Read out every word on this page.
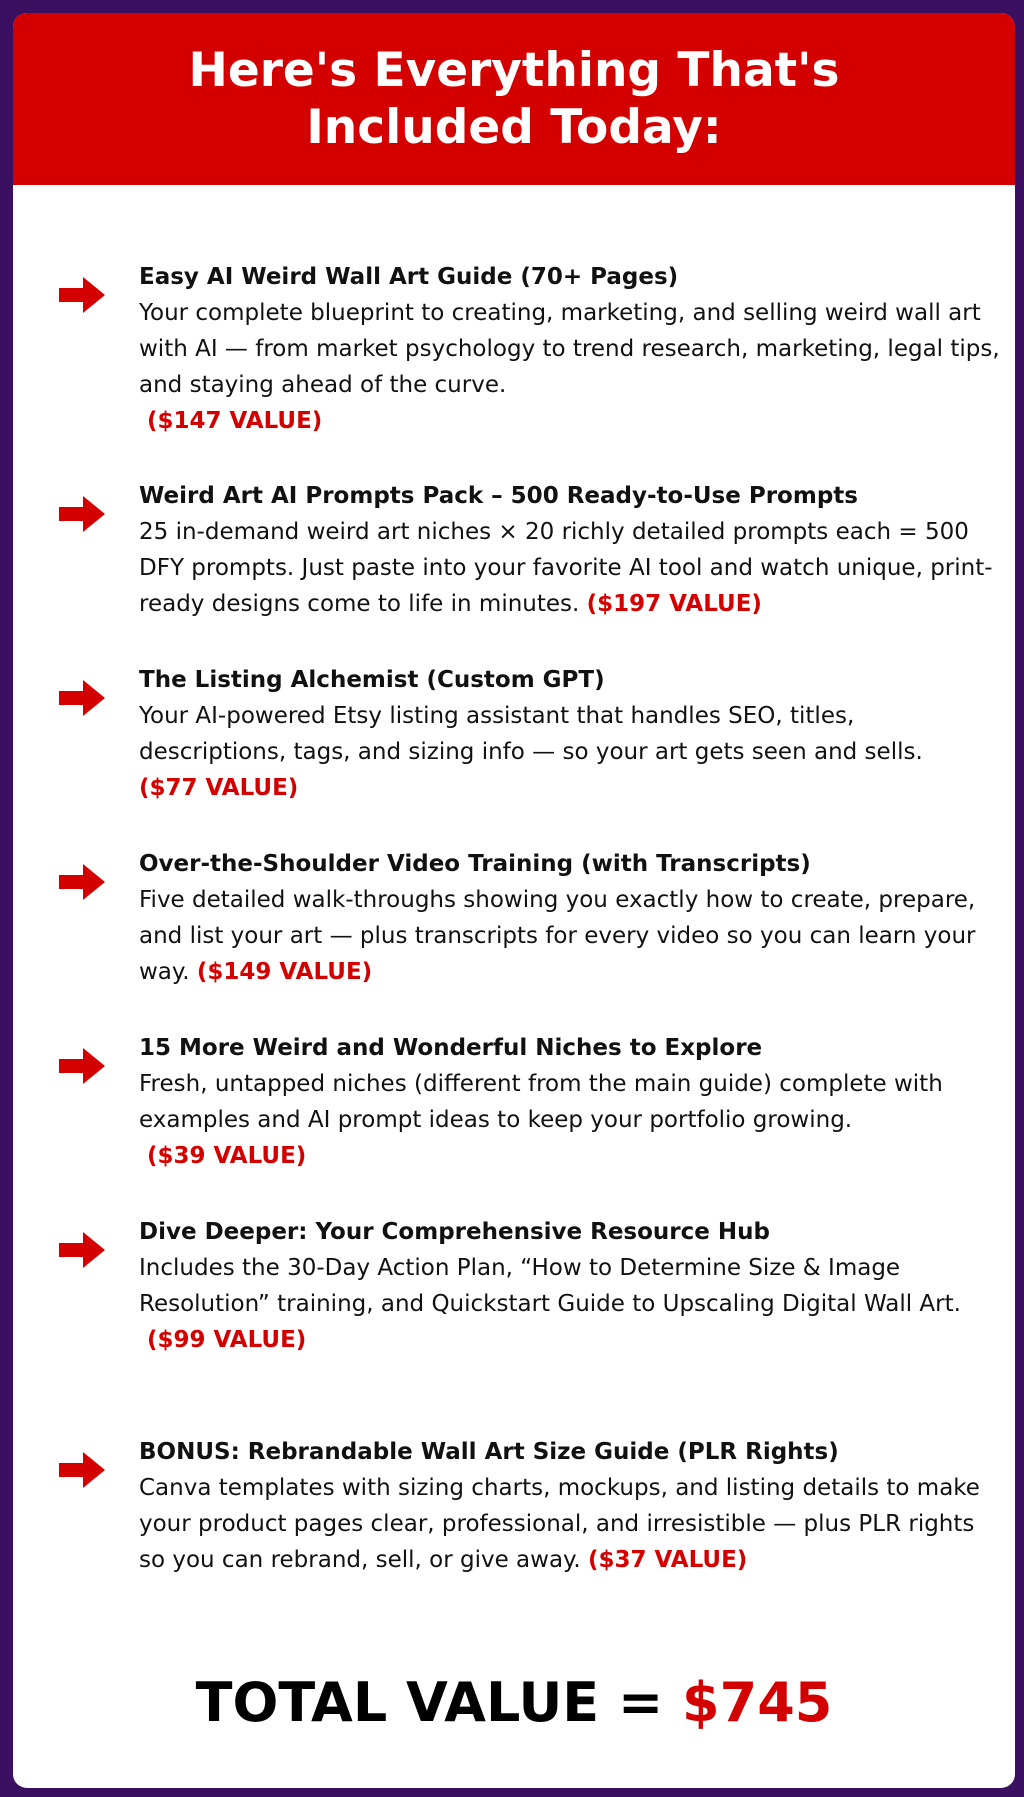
Here's Everything That's Included Today:
Easy AI Weird Wall Art Guide (70+ Pages)
Your complete blueprint to creating, marketing, and selling weird wall art with AI — from market psychology to trend research, marketing, legal tips, and staying ahead of the curve.
($147 VALUE)
Weird Art AI Prompts Pack – 500 Ready-to-Use Prompts
25 in-demand weird art niches × 20 richly detailed prompts each = 500 DFY prompts. Just paste into your favorite AI tool and watch unique, print-ready designs come to life in minutes. ($197 VALUE)
The Listing Alchemist (Custom GPT)
Your AI-powered Etsy listing assistant that handles SEO, titles, descriptions, tags, and sizing info — so your art gets seen and sells.
($77 VALUE)
Over-the-Shoulder Video Training (with Transcripts)
Five detailed walk-throughs showing you exactly how to create, prepare, and list your art — plus transcripts for every video so you can learn your way. ($149 VALUE)
15 More Weird and Wonderful Niches to Explore
Fresh, untapped niches (different from the main guide) complete with examples and AI prompt ideas to keep your portfolio growing.
($39 VALUE)
Dive Deeper: Your Comprehensive Resource Hub
Includes the 30-Day Action Plan, “How to Determine Size & Image Resolution” training, and Quickstart Guide to Upscaling Digital Wall Art.
($99 VALUE)
BONUS: Rebrandable Wall Art Size Guide (PLR Rights)
Canva templates with sizing charts, mockups, and listing details to make your product pages clear, professional, and irresistible — plus PLR rights so you can rebrand, sell, or give away. ($37 VALUE)
TOTAL VALUE = $745
